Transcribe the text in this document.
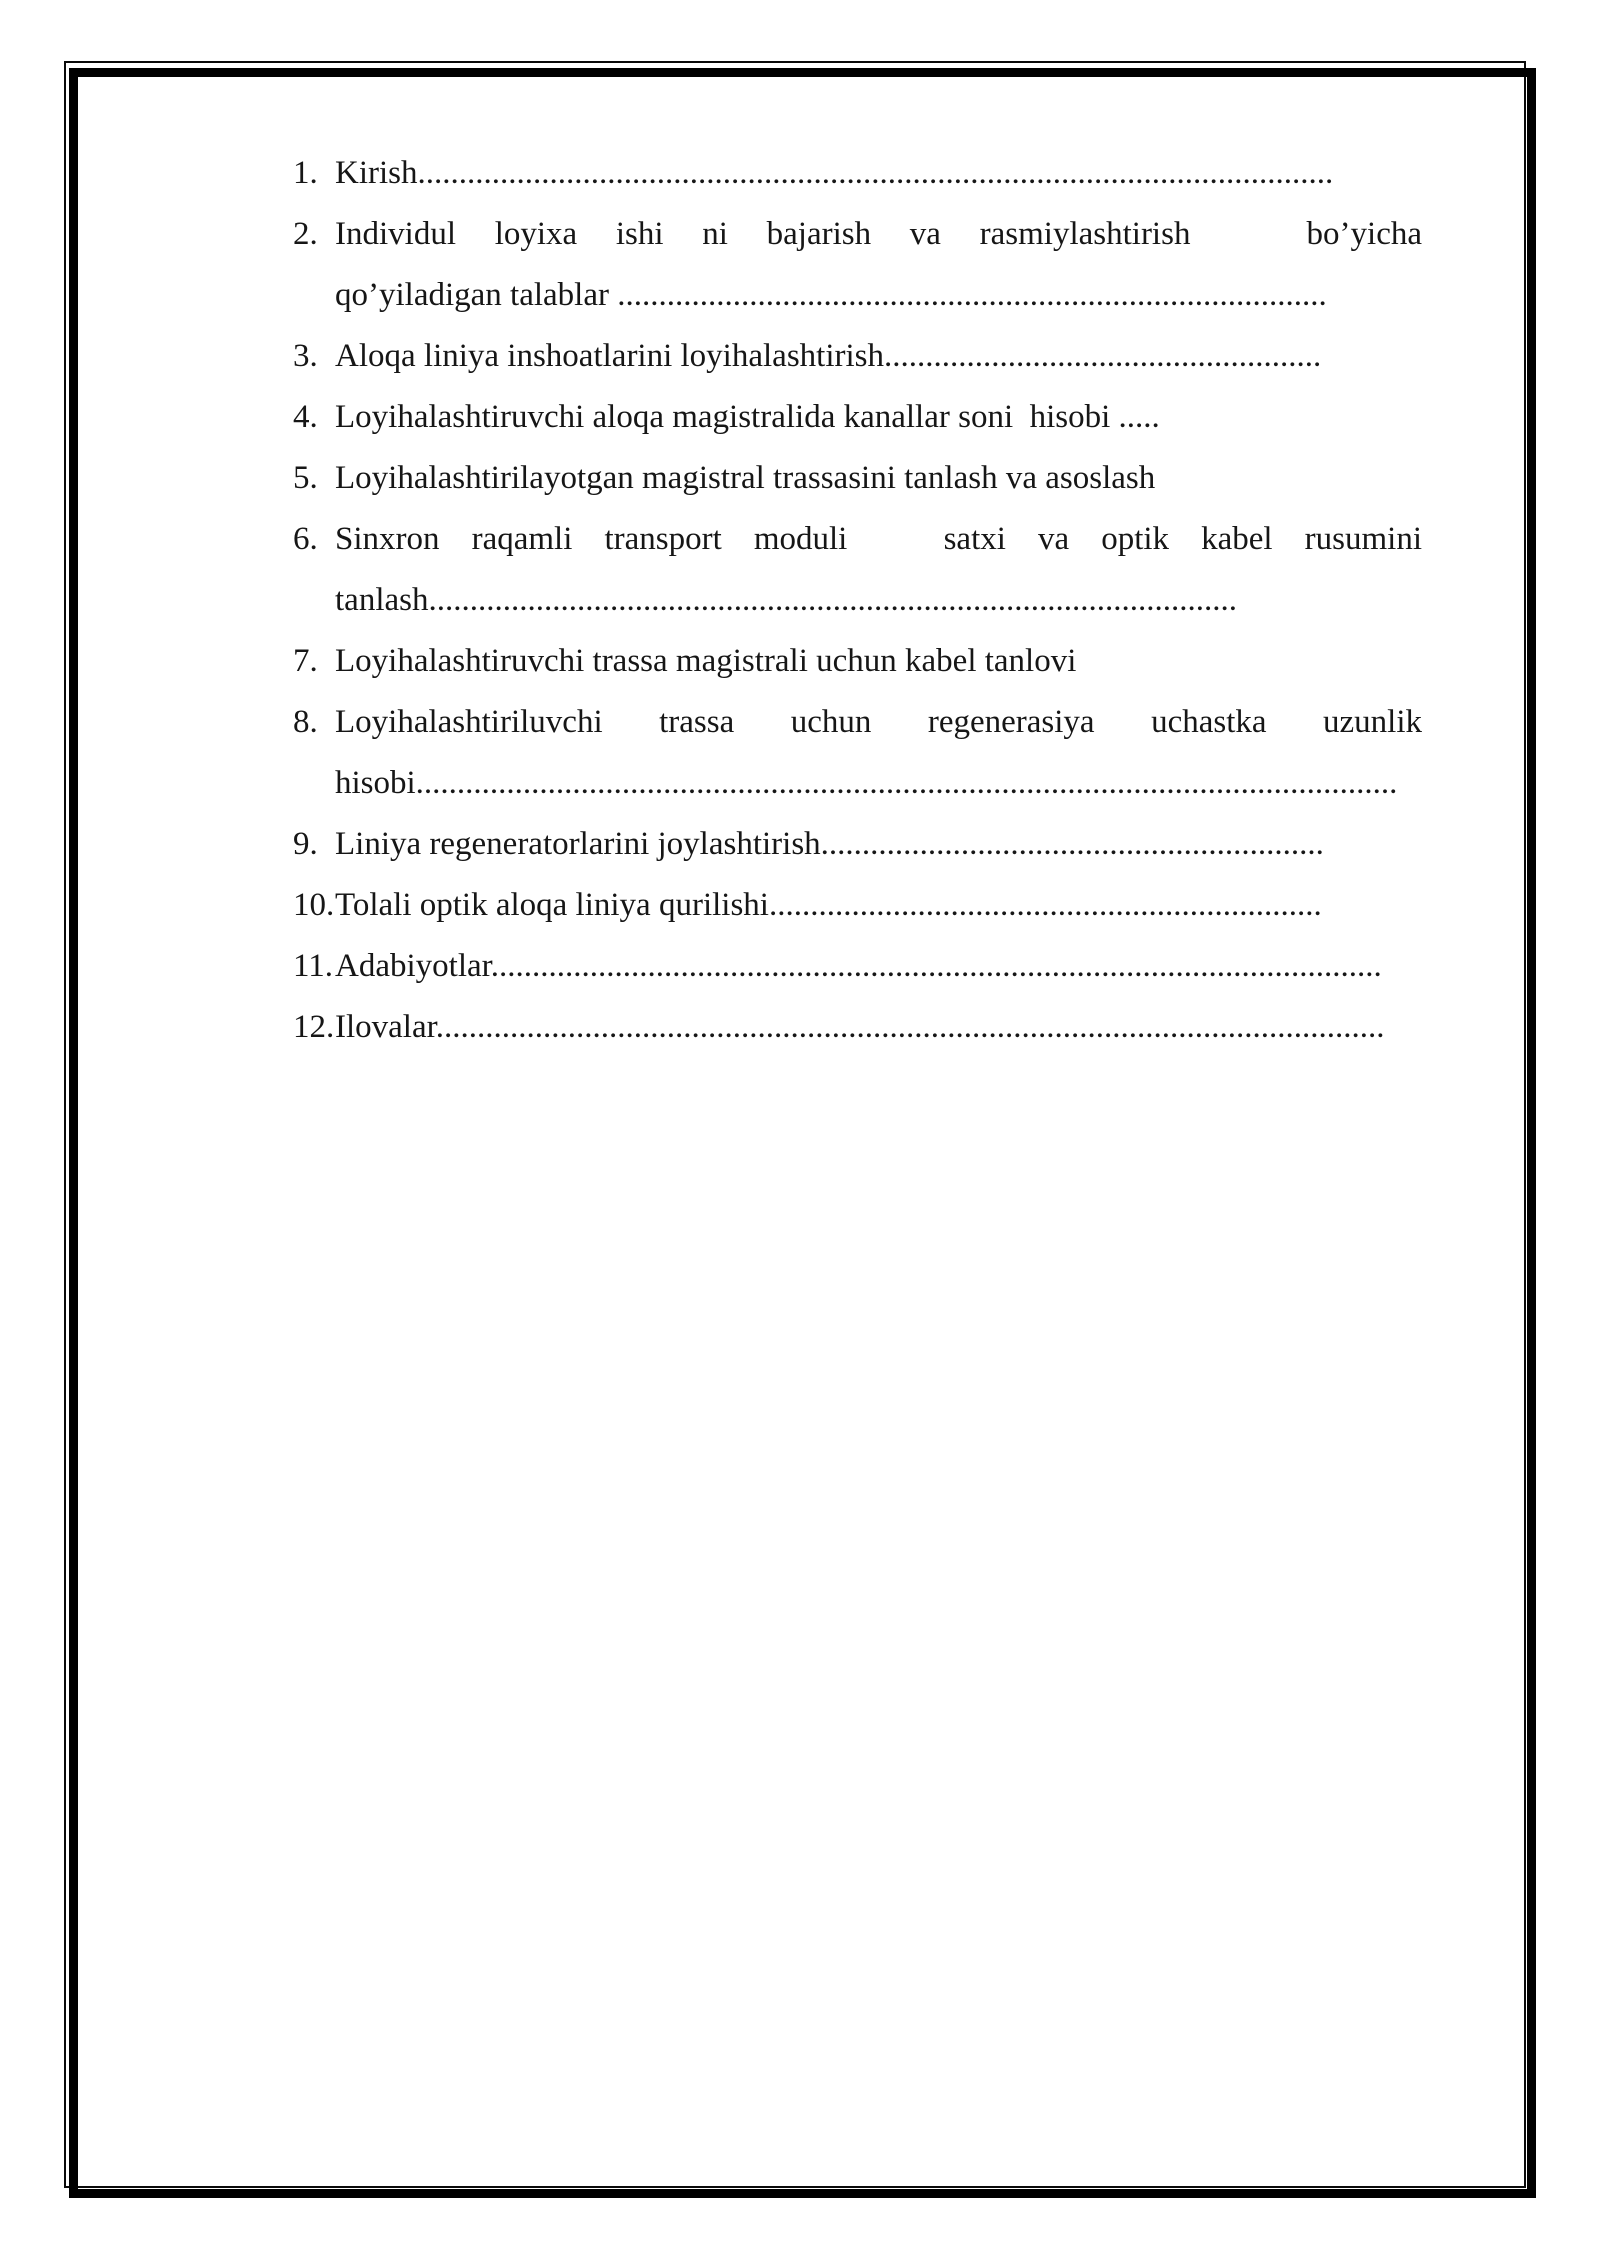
1. Kirish...............................................................................................................
2. Individul loyixa ishi ni bajarish va rasmiylashtirish   bo’yicha
qo’yiladigan talablar ......................................................................................
3. Aloqa liniya inshoatlarini loyihalashtirish.....................................................
4. Loyihalashtiruvchi aloqa magistralida kanallar soni  hisobi .....
5. Loyihalashtirilayotgan magistral trassasini tanlash va asoslash
6. Sinxron raqamli transport moduli   satxi va optik kabel rusumini
tanlash..................................................................................................
7. Loyihalashtiruvchi trassa magistrali uchun kabel tanlovi
8. Loyihalashtiriluvchi trassa uchun regenerasiya uchastka uzunlik
hisobi.......................................................................................................................
9. Liniya regeneratorlarini joylashtirish.............................................................
10.Tolali optik aloqa liniya qurilishi...................................................................
11.Adabiyotlar............................................................................................................
12.Ilovalar...................................................................................................................
